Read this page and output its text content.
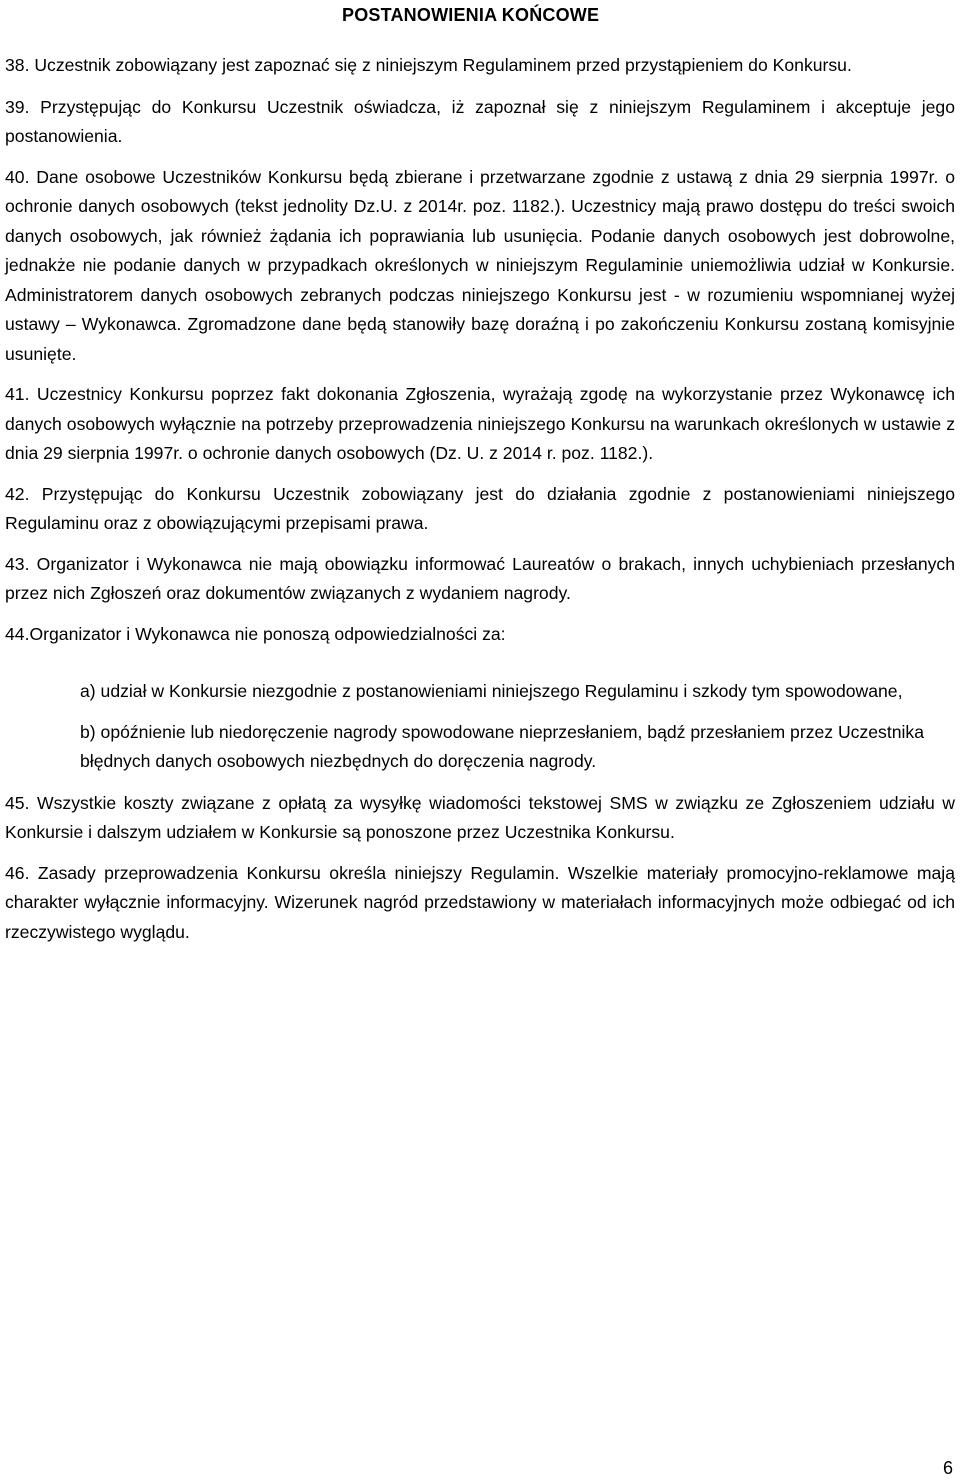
POSTANOWIENIA KOŃCOWE

38. Uczestnik zobowiązany jest zapoznać się z niniejszym Regulaminem przed przystąpieniem do Konkursu.

39. Przystępując do Konkursu Uczestnik oświadcza, iż zapoznał się z niniejszym Regulaminem i akceptuje jego postanowienia.

40. Dane osobowe Uczestników Konkursu będą zbierane i przetwarzane zgodnie z ustawą z dnia 29 sierpnia 1997r. o ochronie danych osobowych (tekst jednolity Dz.U. z 2014r. poz. 1182.). Uczestnicy mają prawo dostępu do treści swoich danych osobowych, jak również żądania ich poprawiania lub usunięcia. Podanie danych osobowych jest dobrowolne, jednakże nie podanie danych w przypadkach określonych w niniejszym Regulaminie uniemożliwia udział w Konkursie. Administratorem danych osobowych zebranych podczas niniejszego Konkursu jest - w rozumieniu wspomnianej wyżej ustawy – Wykonawca. Zgromadzone dane będą stanowiły bazę doraźną i po zakończeniu Konkursu zostaną komisyjnie usunięte.

41. Uczestnicy Konkursu poprzez fakt dokonania Zgłoszenia, wyrażają zgodę na wykorzystanie przez Wykonawcę ich danych osobowych wyłącznie na potrzeby przeprowadzenia niniejszego Konkursu na warunkach określonych w ustawie z dnia 29 sierpnia 1997r. o ochronie danych osobowych (Dz. U. z 2014 r. poz. 1182.).

42. Przystępując do Konkursu Uczestnik zobowiązany jest do działania zgodnie z postanowieniami niniejszego Regulaminu oraz z obowiązującymi przepisami prawa.

43. Organizator i Wykonawca nie mają obowiązku informować Laureatów o brakach, innych uchybieniach przesłanych przez nich Zgłoszeń oraz dokumentów związanych z wydaniem nagrody.

44.Organizator i Wykonawca nie ponoszą odpowiedzialności za:

a) udział w Konkursie niezgodnie z postanowieniami niniejszego Regulaminu i szkody tym spowodowane,

b) opóźnienie lub niedoręczenie nagrody spowodowane nieprzesłaniem, bądź przesłaniem przez Uczestnika błędnych danych osobowych niezbędnych do doręczenia nagrody.

45. Wszystkie koszty związane z opłatą za wysyłkę wiadomości tekstowej SMS w związku ze Zgłoszeniem udziału w Konkursie i dalszym udziałem w Konkursie są ponoszone przez Uczestnika Konkursu.

46. Zasady przeprowadzenia Konkursu określa niniejszy Regulamin. Wszelkie materiały promocyjno-reklamowe mają charakter wyłącznie informacyjny. Wizerunek nagród przedstawiony w materiałach informacyjnych może odbiegać od ich rzeczywistego wyglądu.

6
